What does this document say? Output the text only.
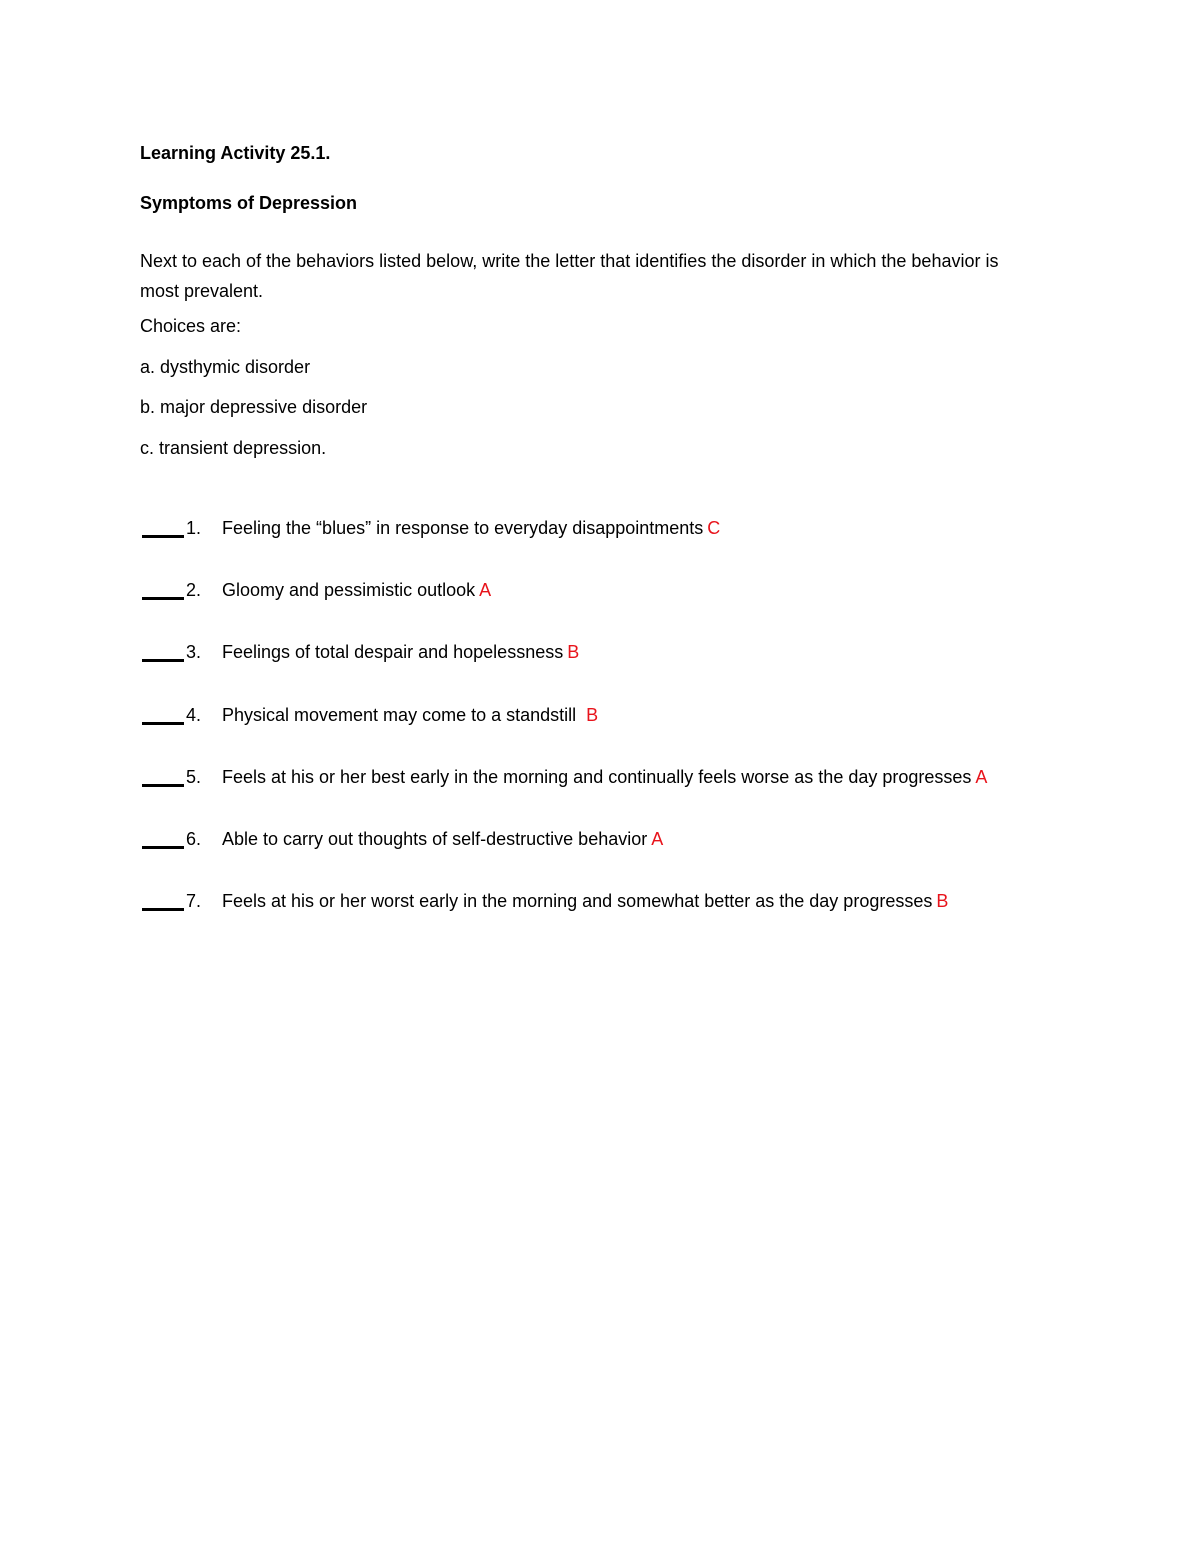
Learning Activity 25.1.
Symptoms of Depression
Next to each of the behaviors listed below, write the letter that identifies the disorder in which the behavior is most prevalent.
Choices are:
a. dysthymic disorder
b. major depressive disorder
c. transient depression.
1. Feeling the “blues” in response to everyday disappointments C
2. Gloomy and pessimistic outlook A
3. Feelings of total despair and hopelessness B
4. Physical movement may come to a standstill B
5. Feels at his or her best early in the morning and continually feels worse as the day progresses A
6. Able to carry out thoughts of self-destructive behavior A
7. Feels at his or her worst early in the morning and somewhat better as the day progresses B
